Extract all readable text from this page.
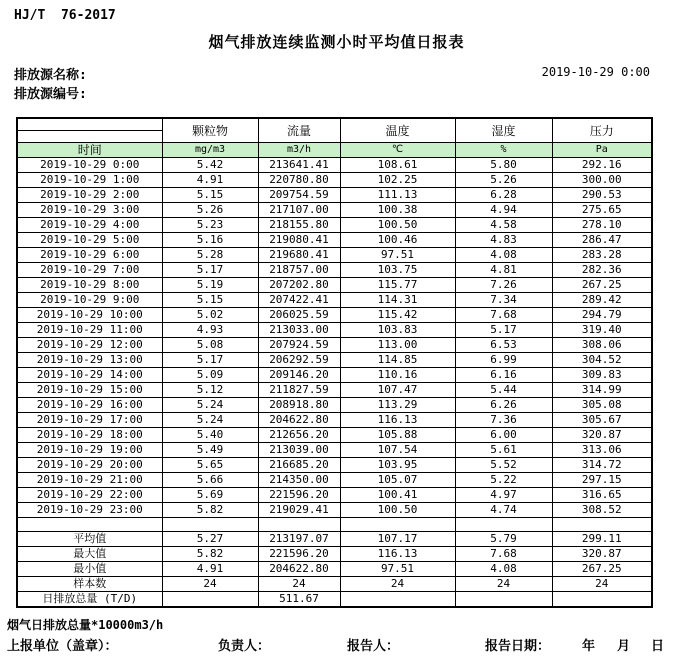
HJ/T  76-2017
烟气排放连续监测小时平均值日报表
排放源名称:	2019-10-29 0:00
排放源编号:
	颗粒物	流量	温度	湿度	压力

时间	mg/m3	m3/h	℃	%	Pa
2019-10-29 0:00	5.42	213641.41	108.61	5.80	292.16
2019-10-29 1:00	4.91	220780.80	102.25	5.26	300.00
2019-10-29 2:00	5.15	209754.59	111.13	6.28	290.53
2019-10-29 3:00	5.26	217107.00	100.38	4.94	275.65
2019-10-29 4:00	5.23	218155.80	100.50	4.58	278.10
2019-10-29 5:00	5.16	219080.41	100.46	4.83	286.47
2019-10-29 6:00	5.28	219680.41	97.51	4.08	283.28
2019-10-29 7:00	5.17	218757.00	103.75	4.81	282.36
2019-10-29 8:00	5.19	207202.80	115.77	7.26	267.25
2019-10-29 9:00	5.15	207422.41	114.31	7.34	289.42
2019-10-29 10:00	5.02	206025.59	115.42	7.68	294.79
2019-10-29 11:00	4.93	213033.00	103.83	5.17	319.40
2019-10-29 12:00	5.08	207924.59	113.00	6.53	308.06
2019-10-29 13:00	5.17	206292.59	114.85	6.99	304.52
2019-10-29 14:00	5.09	209146.20	110.16	6.16	309.83
2019-10-29 15:00	5.12	211827.59	107.47	5.44	314.99
2019-10-29 16:00	5.24	208918.80	113.29	6.26	305.08
2019-10-29 17:00	5.24	204622.80	116.13	7.36	305.67
2019-10-29 18:00	5.40	212656.20	105.88	6.00	320.87
2019-10-29 19:00	5.49	213039.00	107.54	5.61	313.06
2019-10-29 20:00	5.65	216685.20	103.95	5.52	314.72
2019-10-29 21:00	5.66	214350.00	105.07	5.22	297.15
2019-10-29 22:00	5.69	221596.20	100.41	4.97	316.65
2019-10-29 23:00	5.82	219029.41	100.50	4.74	308.52

平均值	5.27	213197.07	107.17	5.79	299.11
最大值	5.82	221596.20	116.13	7.68	320.87
最小值	4.91	204622.80	97.51	4.08	267.25
样本数	24	24	24	24	24
日排放总量 (T/D)		511.67			
烟气日排放总量*10000m3/h
上报单位（盖章）：	负责人：	报告人：	报告日期： 年 月 日
